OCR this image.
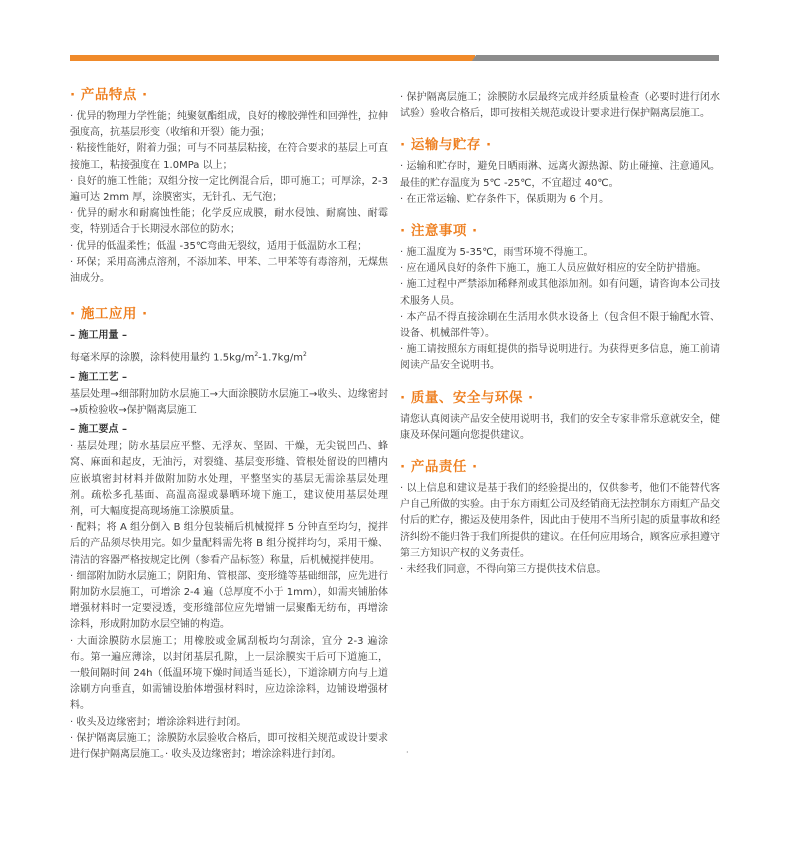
· 产品特点 ·

· 优异的物理力学性能；纯聚氨酯组成，良好的橡胶弹性和回弹性，拉伸强度高，抗基层形变（收缩和开裂）能力强；

· 粘接性能好，附着力强；可与不同基层粘接，在符合要求的基层上可直接施工，粘接强度在 1.0MPa 以上；

· 良好的施工性能；双组分按一定比例混合后，即可施工；可厚涂，2-3 遍可达 2mm 厚，涂膜密实，无针孔、无气泡；

· 优异的耐水和耐腐蚀性能；化学反应成膜，耐水侵蚀、耐腐蚀、耐霉变，特别适合于长期浸水部位的防水；

· 优异的低温柔性；低温 -35℃弯曲无裂纹，适用于低温防水工程；

· 环保；采用高沸点溶剂，不添加苯、甲苯、二甲苯等有毒溶剂，无煤焦油成分。

· 施工应用 ·
– 施工用量 –

每毫米厚的涂膜，涂料使用量约 $1.5kg/m^2-1.7kg/m^2$

– 施工工艺 –

基层处理→细部附加防水层施工→大面涂膜防水层施工→收头、边缘密封→质检验收→保护隔离层施工

– 施工要点 –

· 基层处理；防水基层应平整、无浮灰、坚固、干燥，无尖锐凹凸、蜂窝、麻面和起皮，无油污，对裂缝、基层变形缝、管根处留设的凹槽内应嵌填密封材料并做附加防水处理，平整坚实的基层无需涂基层处理剂。疏松多孔基面、高温高湿或暴晒环境下施工，建议使用基层处理剂，可大幅度提高现场施工涂膜质量。

· 配料；将 A 组分倒入 B 组分包装桶后机械搅拌 5 分钟直至均匀，搅拌后的产品须尽快用完。如少量配料需先将 B 组分搅拌均匀，采用干燥、清洁的容器严格按规定比例（参看产品标签）称量，后机械搅拌使用。

· 细部附加防水层施工；阴阳角、管根部、变形缝等基础细部，应先进行附加防水层施工，可增涂 2-4 遍（总厚度不小于 1mm），如需夹铺胎体增强材料时一定要浸透，变形缝部位应先增铺一层聚酯无纺布，再增涂涂料，形成附加防水层空铺的构造。

· 大面涂膜防水层施工；用橡胶或金属刮板均匀刮涂，宜分 2-3 遍涂布。第一遍应薄涂，以封闭基层孔隙，上一层涂膜实干后可下道施工，一般间隔时间 24h（低温环境下燥时间适当延长），下道涂刷方向与上道涂刷方向垂直，如需铺设胎体增强材料时，应边涂涂料，边铺设增强材料。

· 收头及边缘密封；增涂涂料进行封闭。

· 保护隔离层施工；涂膜防水层验收合格后，即可按相关规范或设计要求进行保护隔离层施工。· 收头及边缘密封；增涂涂料进行封闭。

· 保护隔离层施工；涂膜防水层最终完成并经质量检查（必要时进行闭水试验）验收合格后，即可按相关规范或设计要求进行保护隔离层施工。

· 运输与贮存 ·

· 运输和贮存时，避免日晒雨淋、远离火源热源、防止碰撞、注意通风。最佳的贮存温度为 5℃ -25℃，不宜超过 40℃。

· 在正常运输、贮存条件下，保质期为 6 个月。

· 注意事项 ·

· 施工温度为 5-35℃，雨雪环境不得施工。

· 应在通风良好的条件下施工，施工人员应做好相应的安全防护措施。

· 施工过程中严禁添加稀释剂或其他添加剂。如有问题，请咨询本公司技术服务人员。

· 本产品不得直接涂刷在生活用水供水设备上（包含但不限于输配水管、设备、机械部件等）。

· 施工请按照东方雨虹提供的指导说明进行。为获得更多信息，施工前请阅读产品安全说明书。

· 质量、安全与环保 ·

请您认真阅读产品安全使用说明书，我们的安全专家非常乐意就安全，健康及环保问题向您提供建议。

· 产品责任 ·

· 以上信息和建议是基于我们的经验提出的，仅供参考，他们不能替代客户自己所做的实验。由于东方雨虹公司及经销商无法控制东方雨虹产品交付后的贮存，搬运及使用条件，因此由于使用不当所引起的质量事故和经济纠纷不能归咎于我们所提供的建议。在任何应用场合，顾客应承担遵守第三方知识产权的义务责任。

· 未经我们同意，不得向第三方提供技术信息。

·
